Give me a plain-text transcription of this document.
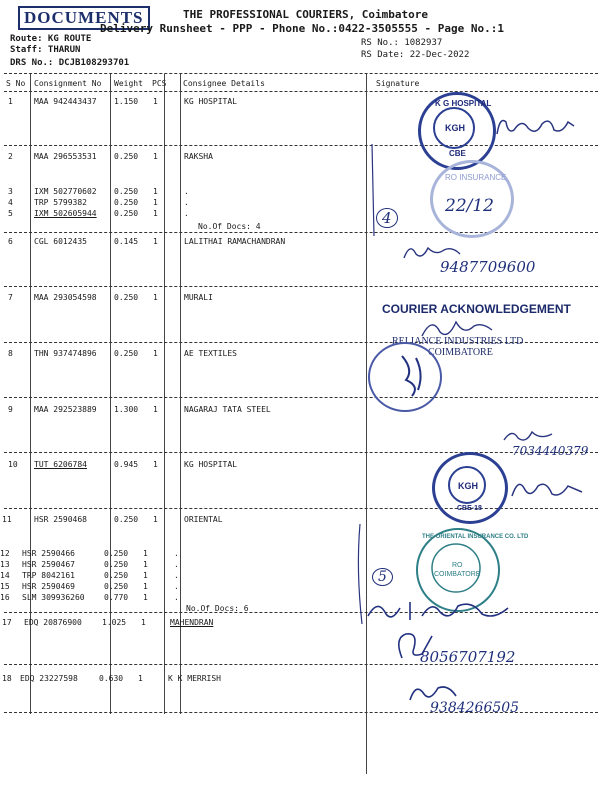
DOCUMENTS	THE PROFESSIONAL COURIERS, Coimbatore
Delivery Runsheet - PPP - Phone No.:0422-3505555 - Page No.:1
Route: KG ROUTE
Staff: THARUN
DRS No.: DCJB108293701
RS No.: 1082937
RS Date: 22-Dec-2022
S No Consignment No Weight PCS Consignee Details	Signature
1	MAA 942443437 1.150 1	KG HOSPITAL
2	MAA 296553531 0.250 1	RAKSHA
3	IXM 502770602 0.250 1	.
4	TRP 5799382	0.250 1	.
5	IXM 502605944 0.250 1	.
No.Of Docs: 4
6	CGL 6012435	0.145 1	LALITHAI RAMACHANDRAN
7	MAA 293054598 0.250 1	MURALI
8	THN 937474896 0.250 1	AE TEXTILES
9	MAA 292523889 1.300 1	NAGARAJ TATA STEEL
10 TUT 6206784	0.945 1	KG HOSPITAL
11	HSR 2590468	0.250 1	ORIENTAL
12 HSR 2590466	0.250 1	.
13 HSR 2590467	0.250 1	.
14 TRP 8042161	0.250 1	.
15 HSR 2590469	0.250 1	.
16 SLM 309936260 0.770 1	.
No.Of Docs: 6
17 EDQ 20876900	1.025 1	MAHENDRAN
18 EDQ 23227598	0.630 1	K K MERRISH
K G HOSPITAL
KGH
CBE
RO INSURANCE
22/12
4
9487709600
COURIER ACKNOWLEDGEMENT
RELIANCE INDUSTRIES LTD
COIMBATORE
7034440379
KGH
CBE-18
THE ORIENTAL INSURANCE CO. LTD
RO
COIMBATORE
5
8056707192
9384266505
